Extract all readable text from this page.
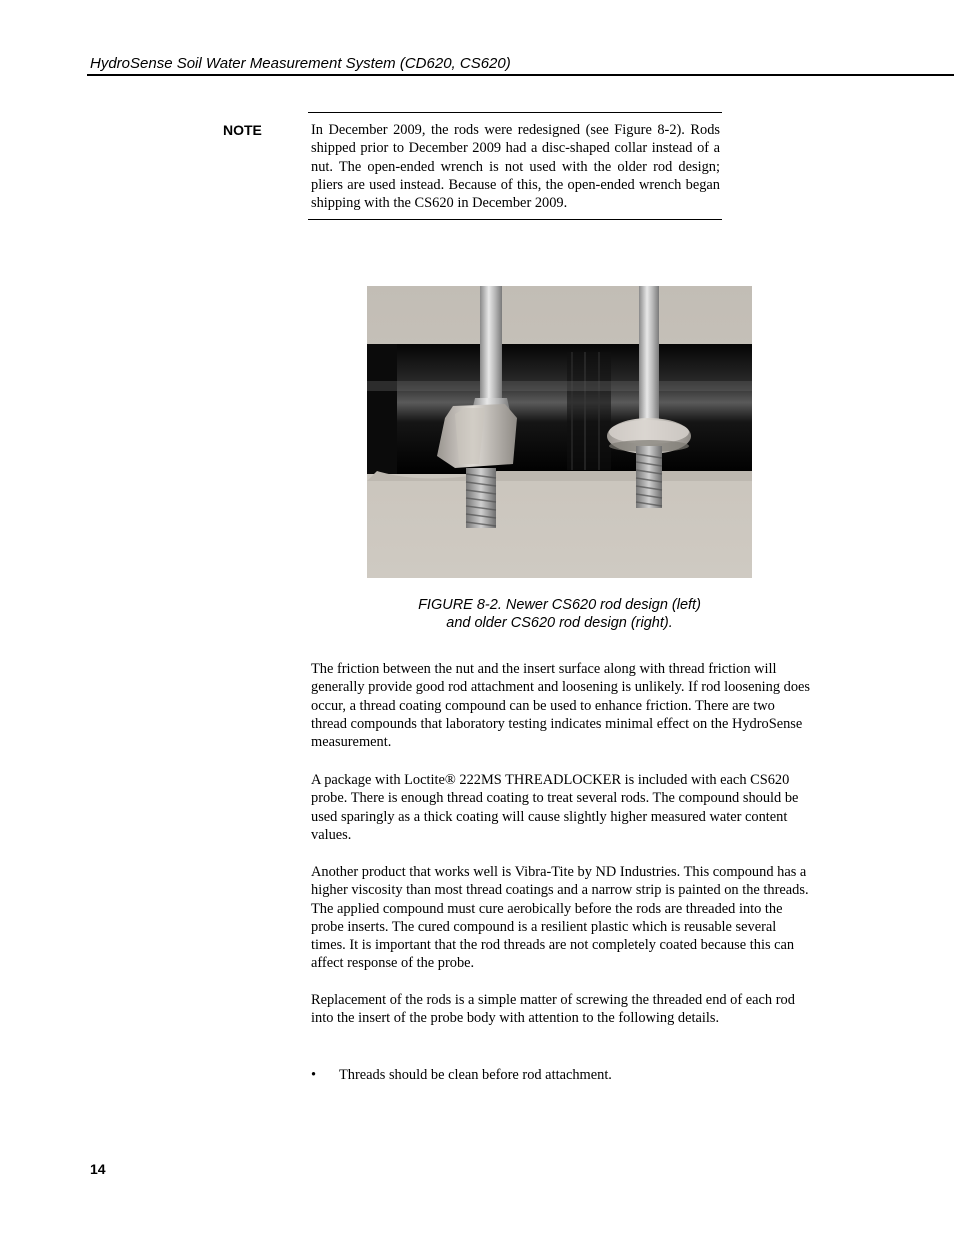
HydroSense Soil Water Measurement System (CD620, CS620)
NOTE	In December 2009, the rods were redesigned (see Figure 8-2). Rods shipped prior to December 2009 had a disc-shaped collar instead of a nut. The open-ended wrench is not used with the older rod design; pliers are used instead. Because of this, the open-ended wrench began shipping with the CS620 in December 2009.

FIGURE 8-2. Newer CS620 rod design (left)
and older CS620 rod design (right).

The friction between the nut and the insert surface along with thread friction will generally provide good rod attachment and loosening is unlikely. If rod loosening does occur, a thread coating compound can be used to enhance friction. There are two thread compounds that laboratory testing indicates minimal effect on the HydroSense measurement.

A package with Loctite® 222MS THREADLOCKER is included with each CS620 probe. There is enough thread coating to treat several rods. The compound should be used sparingly as a thick coating will cause slightly higher measured water content values.

Another product that works well is Vibra-Tite by ND Industries. This compound has a higher viscosity than most thread coatings and a narrow strip is painted on the threads. The applied compound must cure aerobically before the rods are threaded into the probe inserts. The cured compound is a resilient plastic which is reusable several times. It is important that the rod threads are not completely coated because this can affect response of the probe.

Replacement of the rods is a simple matter of screwing the threaded end of each rod into the insert of the probe body with attention to the following details.

• Threads should be clean before rod attachment.
14
